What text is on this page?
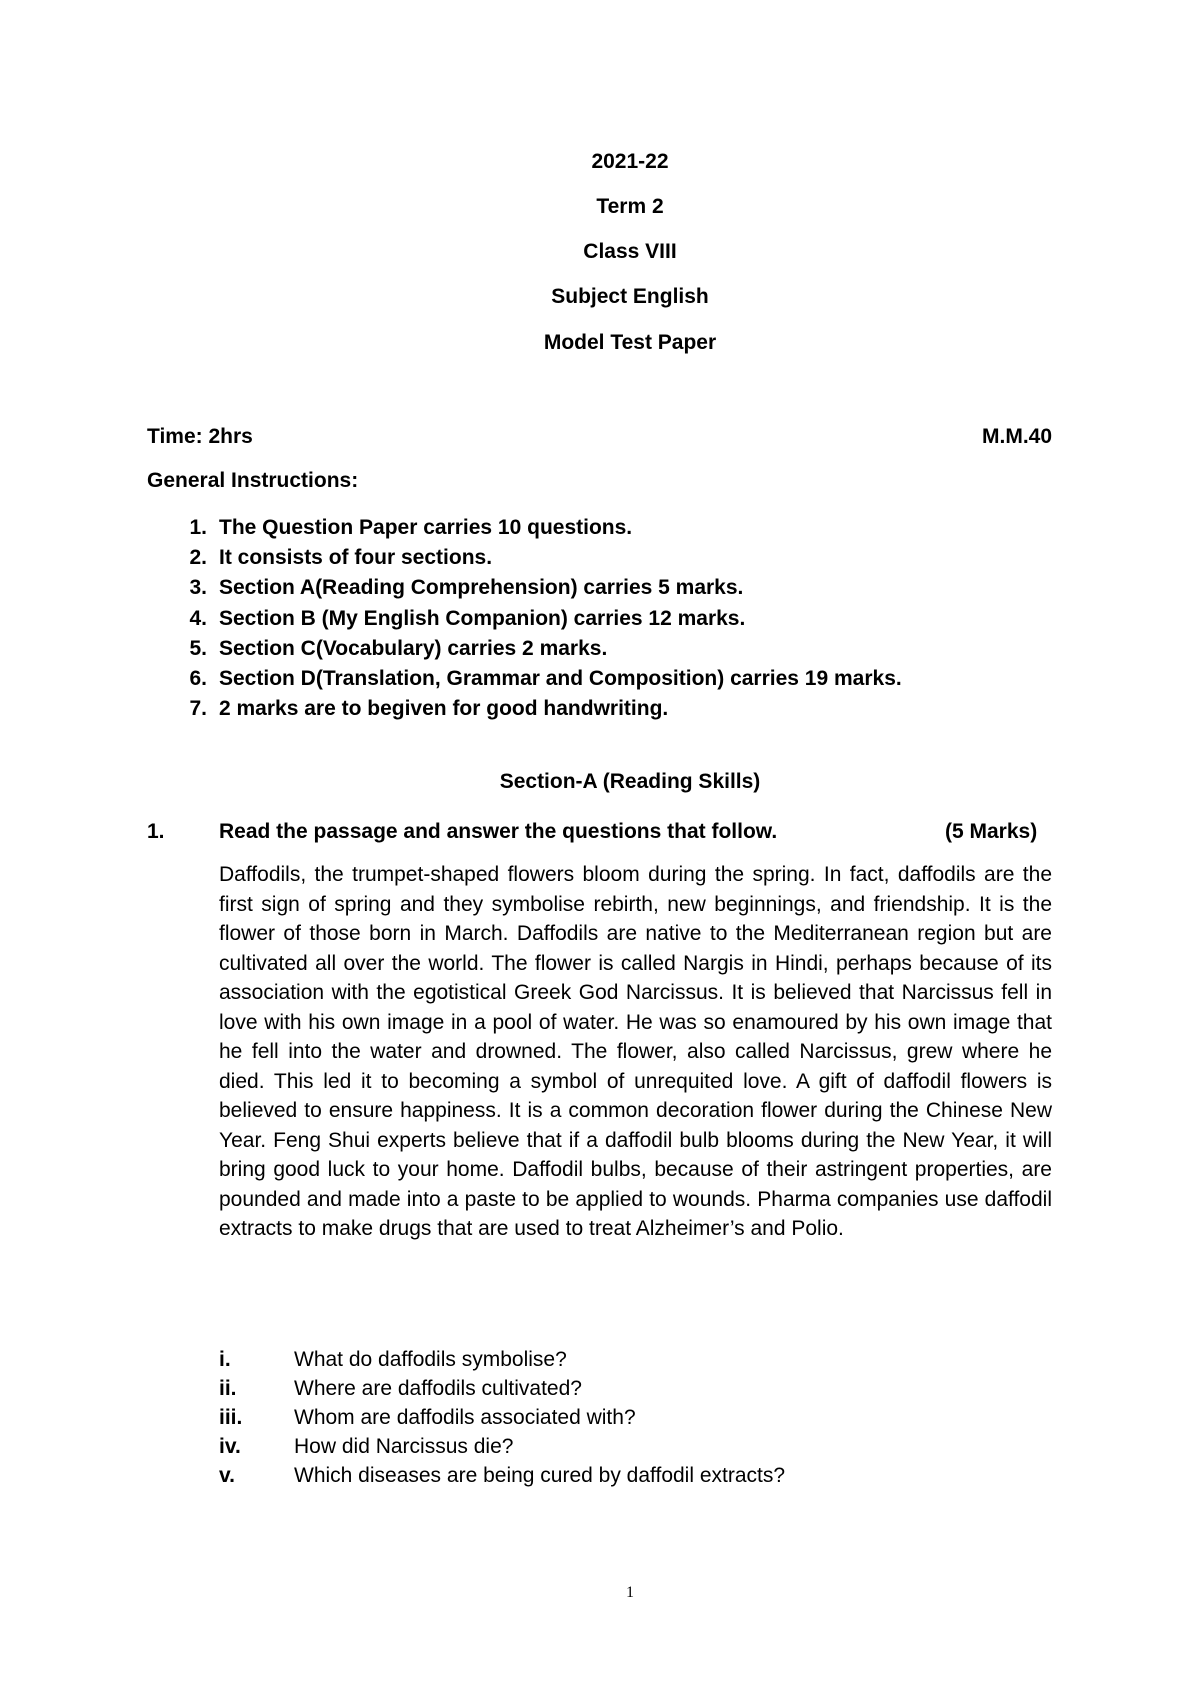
2021-22
Term 2
Class VIII
Subject English
Model Test Paper
Time: 2hrs	M.M.40
General Instructions:
1. The Question Paper carries 10 questions.
2. It consists of four sections.
3. Section A(Reading Comprehension) carries 5 marks.
4. Section B (My English Companion) carries 12 marks.
5. Section C(Vocabulary) carries 2 marks.
6. Section D(Translation, Grammar and Composition) carries 19 marks.
7. 2 marks are to begiven for good handwriting.
Section-A (Reading Skills)
1.	Read the passage and answer the questions that follow.	(5 Marks)

Daffodils, the trumpet-shaped flowers bloom during the spring. In fact, daffodils are the first sign of spring and they symbolise rebirth, new beginnings, and friendship. It is the flower of those born in March. Daffodils are native to the Mediterranean region but are cultivated all over the world. The flower is called Nargis in Hindi, perhaps because of its association with the egotistical Greek God Narcissus. It is believed that Narcissus fell in love with his own image in a pool of water. He was so enamoured by his own image that he fell into the water and drowned. The flower, also called Narcissus, grew where he died. This led it to becoming a symbol of unrequited love. A gift of daffodil flowers is believed to ensure happiness. It is a common decoration flower during the Chinese New Year. Feng Shui experts believe that if a daffodil bulb blooms during the New Year, it will bring good luck to your home. Daffodil bulbs, because of their astringent properties, are pounded and made into a paste to be applied to wounds. Pharma companies use daffodil extracts to make drugs that are used to treat Alzheimer’s and Polio.

i.	What do daffodils symbolise?
ii.	Where are daffodils cultivated?
iii.	Whom are daffodils associated with?
iv.	How did Narcissus die?
v.	Which diseases are being cured by daffodil extracts?
1
